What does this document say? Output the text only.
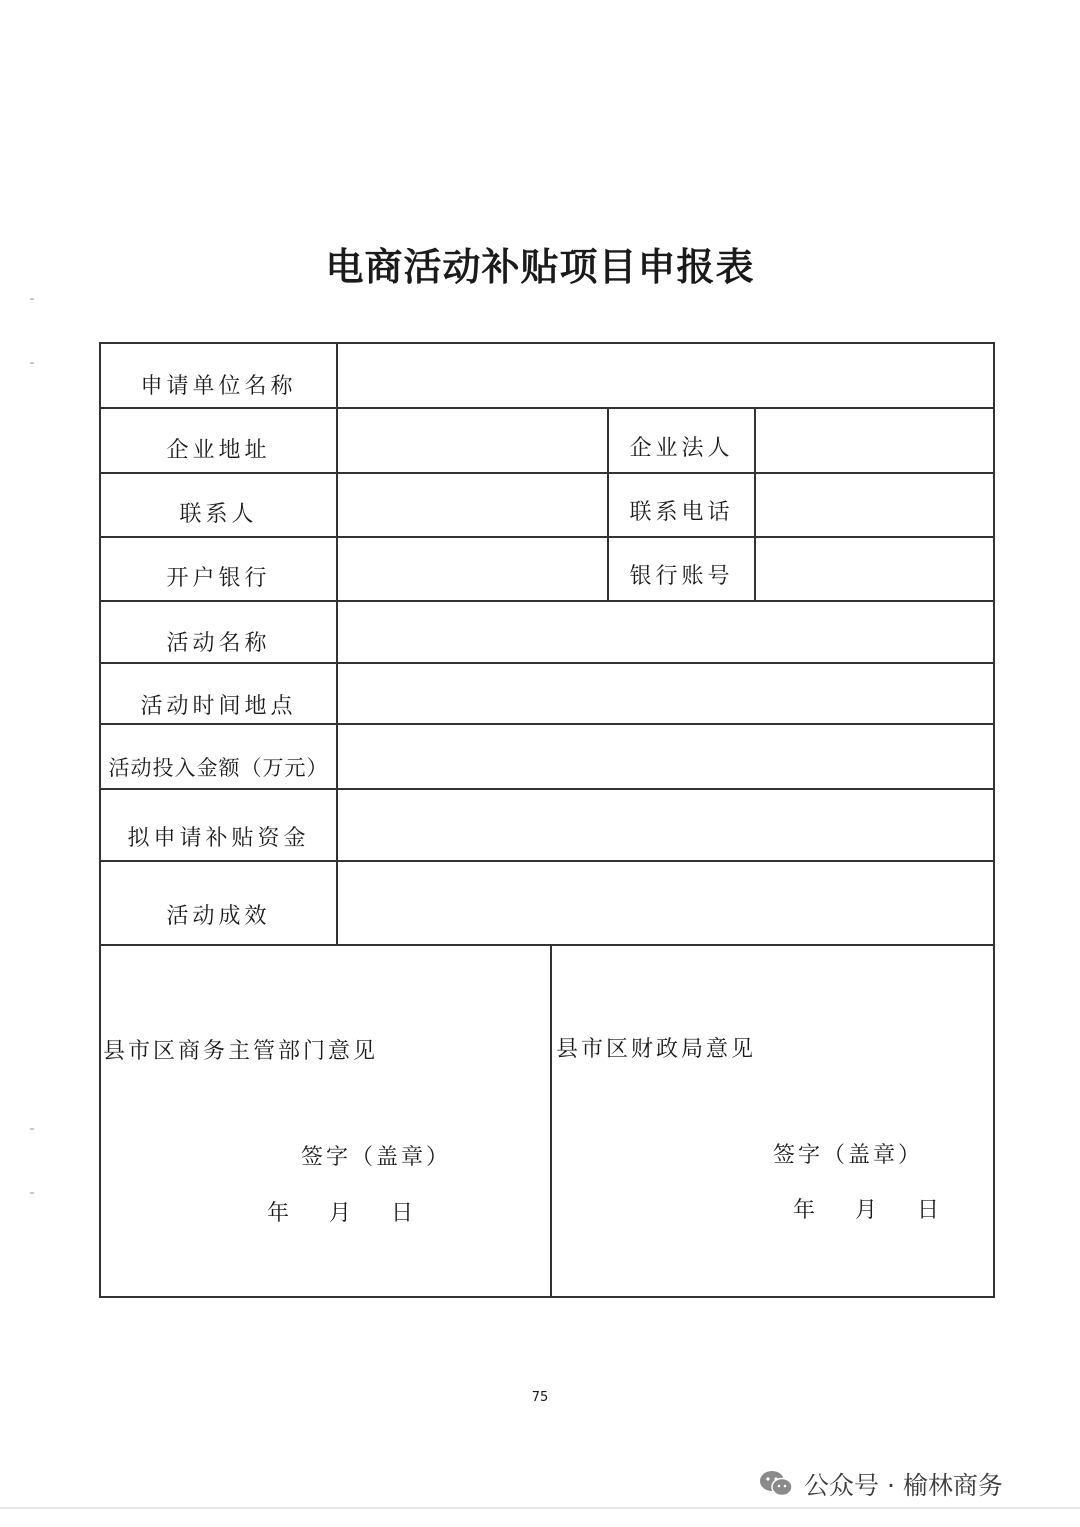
电商活动补贴项目申报表
申请单位名称
企业地址	企业法人
联系人	联系电话
开户银行	银行账号
活动名称
活动时间地点
活动投入金额（万元）
拟申请补贴资金
活动成效
县市区商务主管部门意见
签字（盖章）
年 月 日
县市区财政局意见
签字（盖章）
年 月 日
75
公众号 · 榆林商务
